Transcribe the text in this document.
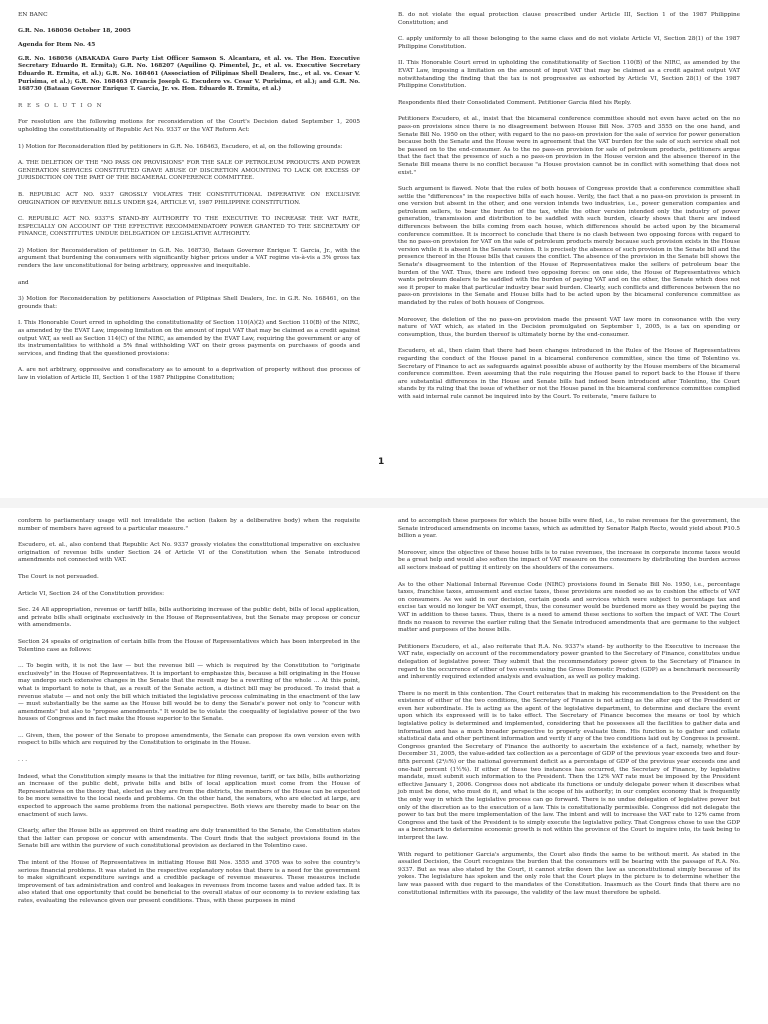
EN BANC

G.R. No. 168056 October 18, 2005

Agenda for Item No. 45

G.R. No. 168056 (ABAKADA Guro Party List Officer Samson S. Alcantara, et al. vs. The Hon. Executive Secretary Eduardo R. Ermita); G.R. No. 168207 (Aquilino Q. Pimentel, Jr., et al. vs. Executive Secretary Eduardo R. Ermita, et al.); G.R. No. 168461 (Association of Pilipinas Shell Dealers, Inc., et al. vs. Cesar V. Purisima, et al.); G.R. No. 168463 (Francis Joseph G. Escudero vs. Cesar V. Purisima, et al.); and G.R. No. 168730 (Bataan Governor Enrique T. Garcia, Jr. vs. Hon. Eduardo R. Ermita, et al.)

R E S O L U T I O N

For resolution are the following motions for reconsideration of the Court's Decision dated September 1, 2005 upholding the constitutionality of Republic Act No. 9337 or the VAT Reform Act:

1) Motion for Reconsideration filed by petitioners in G.R. No. 168463, Escudero, et al, on the following grounds:

A. THE DELETION OF THE "NO PASS ON PROVISIONS" FOR THE SALE OF PETROLEUM PRODUCTS AND POWER GENERATION SERVICES CONSTITUTED GRAVE ABUSE OF DISCRETION AMOUNTING TO LACK OR EXCESS OF JURISDICTION ON THE PART OF THE BICAMERAL CONFERENCE COMMITTEE.

B. REPUBLIC ACT NO. 9337 GROSSLY VIOLATES THE CONSTITUTIONAL IMPERATIVE ON EXCLUSIVE ORIGINATION OF REVENUE BILLS UNDER §24, ARTICLE VI, 1987 PHILIPPINE CONSTITUTION.

C. REPUBLIC ACT NO. 9337'S STAND-BY AUTHORITY TO THE EXECUTIVE TO INCREASE THE VAT RATE, ESPECIALLY ON ACCOUNT OF THE EFFECTIVE RECOMMENDATORY POWER GRANTED TO THE SECRETARY OF FINANCE, CONSTITUTES UNDUE DELEGATION OF LEGISLATIVE AUTHORITY.

2) Motion for Reconsideration of petitioner in G.R. No. 168730, Bataan Governor Enrique T. Garcia, Jr., with the argument that burdening the consumers with significantly higher prices under a VAT regime vis-à-vis a 3% gross tax renders the law unconstitutional for being arbitrary, oppressive and inequitable.

and

3) Motion for Reconsideration by petitioners Association of Pilipinas Shell Dealers, Inc. in G.R. No. 168461, on the grounds that:

I. This Honorable Court erred in upholding the constitutionality of Section 110(A)(2) and Section 110(B) of the NIRC, as amended by the EVAT Law, imposing limitation on the amount of input VAT that may be claimed as a credit against output VAT, as well as Section 114(C) of the NIRC, as amended by the EVAT Law, requiring the government or any of its instrumentalities to withhold a 5% final withholding VAT on their gross payments on purchases of goods and services, and finding that the questioned provisions:

A. are not arbitrary, oppressive and consfiscatory as to amount to a deprivation of property without due process of law in violation of Article III, Section 1 of the 1987 Philippine Constitution;

B. do not violate the equal protection clause prescribed under Article III, Section 1 of the 1987 Philippine Constitution; and

C. apply uniformly to all those belonging to the same class and do not violate Article VI, Section 28(1) of the 1987 Philippine Constitution.

II. This Honorable Court erred in upholding the constitutionality of Section 110(B) of the NIRC, as amended by the EVAT Law, imposing a limitation on the amount of input VAT that may be claimed as a credit against output VAT notwithstanding the finding that the tax is not progressive as exhorted by Article VI, Section 28(1) of the 1987 Philippine Constitution.

Respondents filed their Consolidated Comment. Petitioner Garcia filed his Reply.

Petitioners Escudero, et al., insist that the bicameral conference committee should not even have acted on the no pass-on provisions since there is no disagreement between House Bill Nos. 3705 and 3555 on the one hand, and Senate Bill No. 1950 on the other, with regard to the no pass-on provision for the sale of service for power generation because both the Senate and the House were in agreement that the VAT burden for the sale of such service shall not be passed on to the end-consumer. As to the no pass-on provision for sale of petroleum products, petitioners argue that the fact that the presence of such a no pass-on provision in the House version and the absence thereof in the Senate Bill means there is no conflict because "a House provision cannot be in conflict with something that does not exist."

Such argument is flawed. Note that the rules of both houses of Congress provide that a conference committee shall settle the "differences" in the respective bills of each house. Verily, the fact that a no pass-on provision is present in one version but absent in the other, and one version intends two industries, i.e., power generation companies and petroleum sellers, to bear the burden of the tax, while the other version intended only the industry of power generation, transmission and distribution to be saddled with such burden, clearly shows that there are indeed differences between the bills coming from each house, which differences should be acted upon by the bicameral conference committee. It is incorrect to conclude that there is no clash between two opposing forces with regard to the no pass-on provision for VAT on the sale of petroleum products merely because such provision exists in the House version while it is absent in the Senate version. It is precisely the absence of such provision in the Senate bill and the presence thereof in the House bills that causes the conflict. The absence of the provision in the Senate bill shows the Senate's disagreement to the intention of the House of Representatives make the sellers of petroleum bear the burden of the VAT. Thus, there are indeed two opposing forces: on one side, the House of Representatives which wants petroleum dealers to be saddled with the burden of paying VAT and on the other, the Senate which does not see it proper to make that particular industry bear said burden. Clearly, such conflicts and differences between the no pass-on provisions in the Senate and House bills had to be acted upon by the bicameral conference committee as mandated by the rules of both houses of Congress.

Moreover, the deletion of the no pass-on provision made the present VAT law more in consonance with the very nature of VAT which, as stated in the Decision promulgated on September 1, 2005, is a tax on spending or consumption, thus, the burden thereof is ultimately borne by the end-consumer.

Escudero, et al., then claim that there had been changes introduced in the Rules of the House of Representatives regarding the conduct of the House panel in a bicameral conference committee, since the time of Tolentino vs. Secretary of Finance to act as safeguards against possible abuse of authority by the House members of the bicameral conference committee. Even assuming that the rule requiring the House panel to report back to the House if there are substantial differences in the House and Senate bills had indeed been introduced after Tolentino, the Court stands by its ruling that the issue of whether or not the House panel in the bicameral conference committee complied with said internal rule cannot be inquired into by the Court. To reiterate, "mere failure to

1

conform to parliamentary usage will not invalidate the action (taken by a deliberative body) when the requisite number of members have agreed to a particular measure."

Escudero, et. al., also contend that Republic Act No. 9337 grossly violates the constitutional imperative on exclusive origination of revenue bills under Section 24 of Article VI of the Constitution when the Senate introduced amendments not connected with VAT.

The Court is not persuaded.

Article VI, Section 24 of the Constitution provides:

Sec. 24 All appropriation, revenue or tariff bills, bills authorizing increase of the public debt, bills of local application, and private bills shall originate exclusively in the House of Representatives, but the Senate may propose or concur with amendments.

Section 24 speaks of origination of certain bills from the House of Representatives which has been interpreted in the Tolentino case as follows:

… To begin with, it is not the law — but the revenue bill — which is required by the Constitution to "originate exclusively" in the House of Representatives. It is important to emphasize this, because a bill originating in the House may undergo such extensive changes in the Senate that the result may be a rewriting of the whole … At this point, what is important to note is that, as a result of the Senate action, a distinct bill may be produced. To insist that a revenue statute — and not only the bill which initiated the legislative process culminating in the enactment of the law — must substantially be the same as the House bill would be to deny the Senate's power not only to "concur with amendments" but also to "propose amendments." It would be to violate the coequality of legislative power of the two houses of Congress and in fact make the House superior to the Senate.

… Given, then, the power of the Senate to propose amendments, the Senate can propose its own version even with respect to bills which are required by the Constitution to originate in the House.

. . .

Indeed, what the Constitution simply means is that the initiative for filing revenue, tariff, or tax bills, bills authorizing an increase of the public debt, private bills and bills of local application must come from the House of Representatives on the theory that, elected as they are from the districts, the members of the House can be expected to be more sensitive to the local needs and problems. On the other hand, the senators, who are elected at large, are expected to approach the same problems from the national perspective. Both views are thereby made to bear on the enactment of such laws.

Clearly, after the House bills as approved on third reading are duly transmitted to the Senate, the Constitution states that the latter can propose or concur with amendments. The Court finds that the subject provisions found in the Senate bill are within the purview of such constitutional provision as declared in the Tolentino case.

The intent of the House of Representatives in initiating House Bill Nos. 3555 and 3705 was to solve the country's serious financial problems. It was stated in the respective explanatory notes that there is a need for the government to make significant expenditure savings and a credible package of revenue measures. These measures include improvement of tax administration and control and leakages in revenues from income taxes and value added tax. It is also stated that one opportunity that could be beneficial to the overall status of our economy is to review existing tax rates, evaluating the relevance given our present conditions. Thus, with these purposes in mind

and to accomplish these purposes for which the house bills were filed, i.e., to raise revenues for the government, the Senate introduced amendments on income taxes, which as admitted by Senator Ralph Recto, would yield about ₱10.5 billion a year.

Moreover, since the objective of these house bills is to raise revenues, the increase in corporate income taxes would be a great help and would also soften the impact of VAT measure on the consumers by distributing the burden across all sectors instead of putting it entirely on the shoulders of the consumers.

As to the other National Internal Revenue Code (NIRC) provisions found in Senate Bill No. 1950, i.e., percentage taxes, franchise taxes, amusement and excise taxes, these provisions are needed so as to cushion the effects of VAT on consumers. As we said in our decision, certain goods and services which were subject to percentage tax and excise tax would no longer be VAT exempt, thus, the consumer would be burdened more as they would be paying the VAT in addition to these taxes. Thus, there is a need to amend these sections to soften the impact of VAT. The Court finds no reason to reverse the earlier ruling that the Senate introduced amendments that are germane to the subject matter and purposes of the house bills.

Petitioners Escudero, et al., also reiterate that R.A. No. 9337's stand- by authority to the Executive to increase the VAT rate, especially on account of the recommendatory power granted to the Secretary of Finance, constitutes undue delegation of legislative power. They submit that the recommendatory power given to the Secretary of Finance in regard to the occurrence of either of two events using the Gross Domestic Product (GDP) as a benchmark necessarily and inherently required extended analysis and evaluation, as well as policy making.

There is no merit in this contention. The Court reiterates that in making his recommendation to the President on the existence of either of the two conditions, the Secretary of Finance is not acting as the alter ego of the President or even her subordinate. He is acting as the agent of the legislative department, to determine and declare the event upon which its expressed will is to take effect. The Secretary of Finance becomes the means or tool by which legislative policy is determined and implemented, considering that he possesses all the facilities to gather data and information and has a much broader perspective to properly evaluate them. His function is to gather and collate statistical data and other pertinent information and verify if any of the two conditions laid out by Congress is present. Congress granted the Secretary of Finance the authority to ascertain the existence of a fact, namely, whether by December 31, 2005, the value-added tax collection as a percentage of GDP of the previous year exceeds two and four-fifth percent (2⁴/₅%) or the national government deficit as a percentage of GDP of the previous year exceeds one and one-half percent (1½%). If either of these two instances has occurred, the Secretary of Finance, by legislative mandate, must submit such information to the President. Then the 12% VAT rate must be imposed by the President effective January 1, 2006. Congress does not abdicate its functions or unduly delegate power when it describes what job must be done, who must do it, and what is the scope of his authority; in our complex economy that is frequently the only way in which the legislative process can go forward. There is no undue delegation of legislative power but only of the discretion as to the execution of a law. This is constitutionally permissible. Congress did not delegate the power to tax but the mere implementation of the law. The intent and will to increase the VAT rate to 12% came from Congress and the task of the President is to simply execute the legislative policy. That Congress chose to use the GDP as a benchmark to determine economic growth is not within the province of the Court to inquire into, its task being to interpret the law.

With regard to petitioner Garcia's arguments, the Court also finds the same to be without merit. As stated in the assailed Decision, the Court recognizes the burden that the consumers will be bearing with the passage of R.A. No. 9337. But as was also stated by the Court, it cannot strike down the law as unconstitutional simply because of its yokes. The legislature has spoken and the only role that the Court plays in the picture is to determine whether the law was passed with due regard to the mandates of the Constitution. Inasmuch as the Court finds that there are no constitutional infirmities with its passage, the validity of the law must therefore be upheld.
